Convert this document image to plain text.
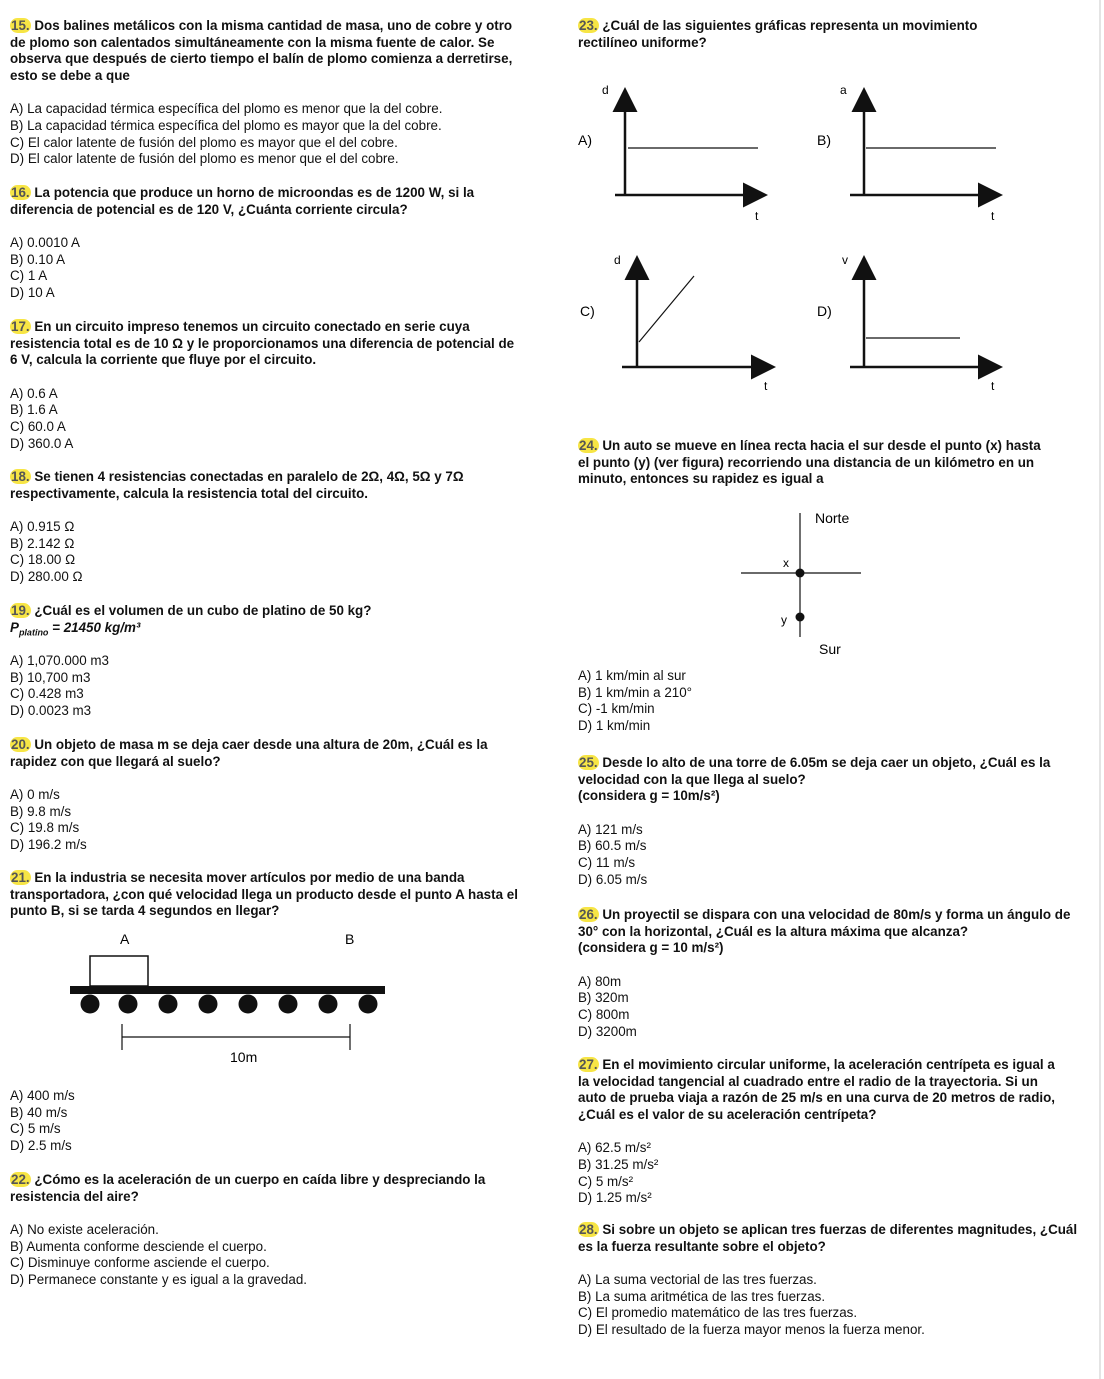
15. Dos balines metálicos con la misma cantidad de masa, uno de cobre y otro de plomo son calentados simultáneamente con la misma fuente de calor. Se observa que después de cierto tiempo el balín de plomo comienza a derretirse, esto se debe a que

A) La capacidad térmica específica del plomo es menor que la del cobre.

B) La capacidad térmica específica del plomo es mayor que la del cobre.

C) El calor latente de fusión del plomo es mayor que el del cobre.

D) El calor latente de fusión del plomo es menor que el del cobre.

16. La potencia que produce un horno de microondas es de 1200 W, si la diferencia de potencial es de 120 V, ¿Cuánta corriente circula?

A) 0.0010 A

B) 0.10 A

C) 1 A

D) 10 A

17. En un circuito impreso tenemos un circuito conectado en serie cuya resistencia total es de 10 Ω y le proporcionamos una diferencia de potencial de 6 V, calcula la corriente que fluye por el circuito.

A) 0.6 A

B) 1.6 A

C) 60.0 A

D) 360.0 A

18. Se tienen 4 resistencias conectadas en paralelo de 2Ω, 4Ω, 5Ω y 7Ω respectivamente, calcula la resistencia total del circuito.

A) 0.915 Ω

B) 2.142 Ω

C) 18.00 Ω

D) 280.00 Ω

19. ¿Cuál es el volumen de un cubo de platino de 50 kg?

$P_{platino} = 21450$ kg/m³

A) 1,070.000 m3

B) 10,700 m3

C) 0.428 m3

D) 0.0023 m3

20. Un objeto de masa m se deja caer desde una altura de 20m, ¿Cuál es la rapidez con que llegará al suelo?

A) 0 m/s

B) 9.8 m/s

C) 19.8 m/s

D) 196.2 m/s

21. En la industria se necesita mover artículos por medio de una banda transportadora, ¿con qué velocidad llega un producto desde el punto A hasta el punto B, si se tarda 4 segundos en llegar?

A	B
10m

A) 400 m/s

B) 40 m/s

C) 5 m/s

D) 2.5 m/s

22. ¿Cómo es la aceleración de un cuerpo en caída libre y despreciando la resistencia del aire?

A) No existe aceleración.

B) Aumenta conforme desciende el cuerpo.

C) Disminuye conforme asciende el cuerpo.

D) Permanece constante y es igual a la gravedad.

23. ¿Cuál de las siguientes gráficas representa un movimiento rectilíneo uniforme?

A)
d
t
B)
a
t
C)
d
t
D)
v
t

24. Un auto se mueve en línea recta hacia el sur desde el punto (x) hasta el punto (y) (ver figura) recorriendo una distancia de un kilómetro en un minuto, entonces su rapidez es igual a

Norte
x
y
Sur

A) 1 km/min al sur

B) 1 km/min a 210°

C) -1 km/min

D) 1 km/min

25. Desde lo alto de una torre de 6.05m se deja caer un objeto, ¿Cuál es la velocidad con la que llega al suelo?

(considera g = 10m/s²)

A) 121 m/s

B) 60.5 m/s

C) 11 m/s

D) 6.05 m/s

26. Un proyectil se dispara con una velocidad de 80m/s y forma un ángulo de 30° con la horizontal, ¿Cuál es la altura máxima que alcanza?

(considera g = 10 m/s²)

A) 80m

B) 320m

C) 800m

D) 3200m

27. En el movimiento circular uniforme, la aceleración centrípeta es igual a la velocidad tangencial al cuadrado entre el radio de la trayectoria. Si un auto de prueba viaja a razón de 25 m/s en una curva de 20 metros de radio, ¿Cuál es el valor de su aceleración centrípeta?

A) 62.5 m/s²

B) 31.25 m/s²

C) 5 m/s²

D) 1.25 m/s²

28. Si sobre un objeto se aplican tres fuerzas de diferentes magnitudes, ¿Cuál es la fuerza resultante sobre el objeto?

A) La suma vectorial de las tres fuerzas.

B) La suma aritmética de las tres fuerzas.

C) El promedio matemático de las tres fuerzas.

D) El resultado de la fuerza mayor menos la fuerza menor.
